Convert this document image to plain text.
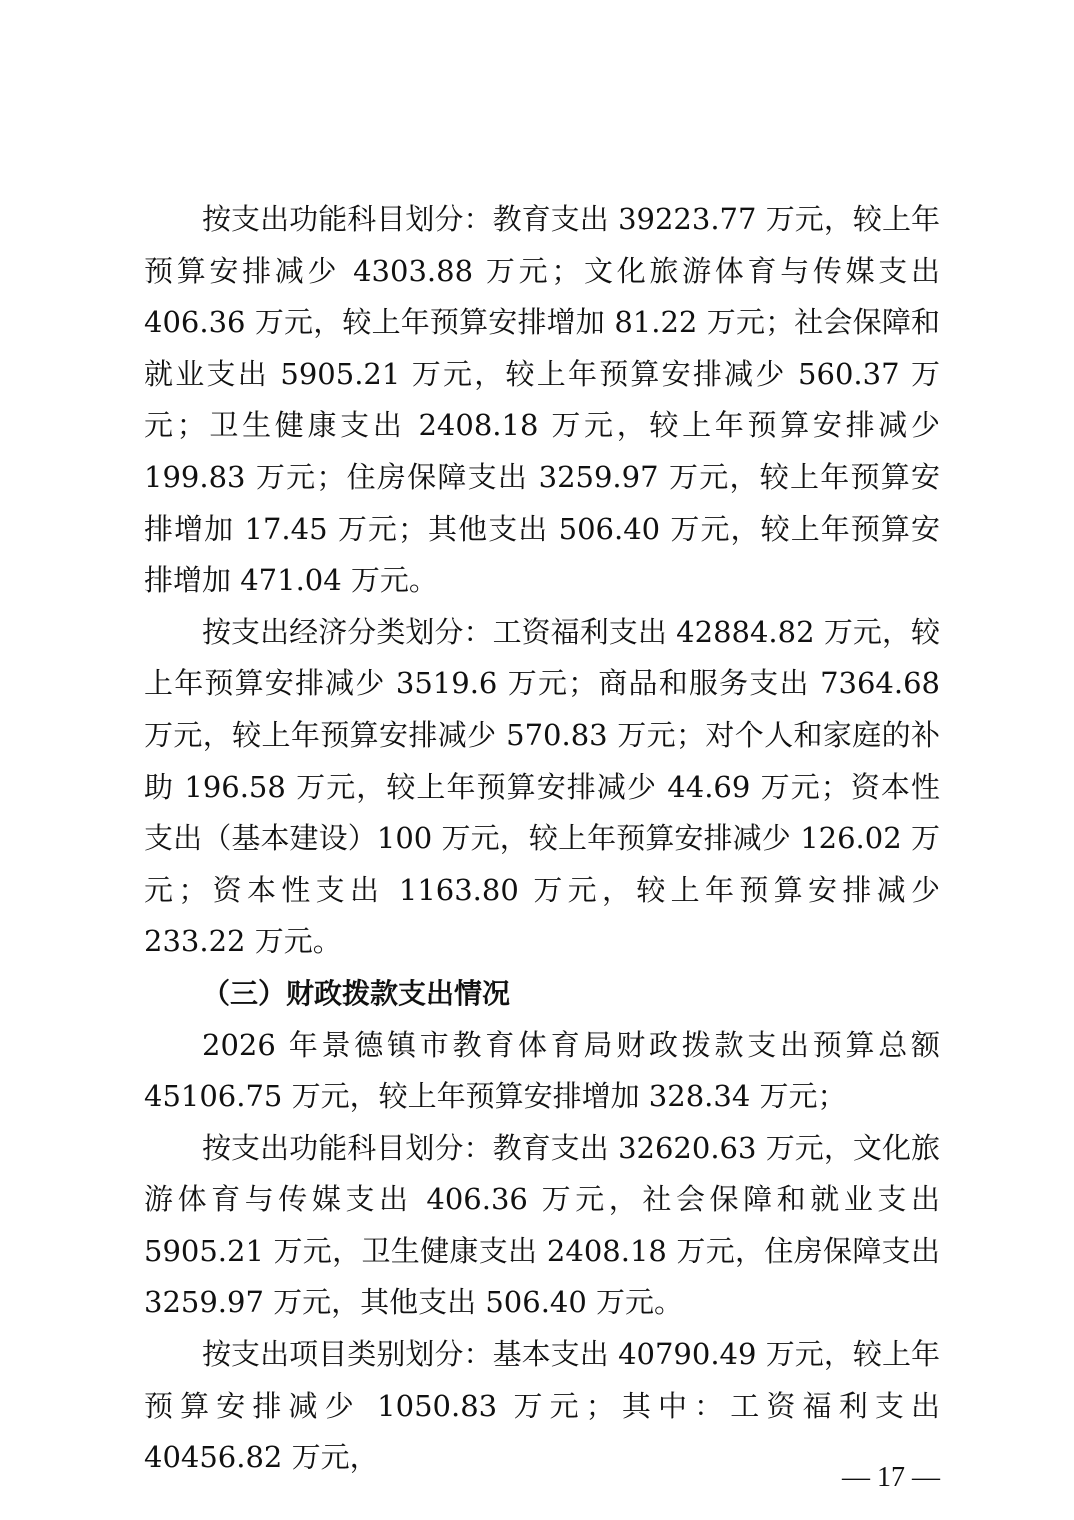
按支出功能科目划分：教育支出 39223.77 万元，较上年预算安排减少 4303.88 万元；文化旅游体育与传媒支出 406.36 万元，较上年预算安排增加 81.22 万元；社会保障和就业支出 5905.21 万元，较上年预算安排减少 560.37 万元；卫生健康支出 2408.18 万元，较上年预算安排减少 199.83 万元；住房保障支出 3259.97 万元，较上年预算安排增加 17.45 万元；其他支出 506.40 万元，较上年预算安排增加 471.04 万元。

按支出经济分类划分：工资福利支出 42884.82 万元，较上年预算安排减少 3519.6 万元；商品和服务支出 7364.68 万元，较上年预算安排减少 570.83 万元；对个人和家庭的补助 196.58 万元，较上年预算安排减少 44.69 万元；资本性支出（基本建设）100 万元，较上年预算安排减少 126.02 万元；资本性支出 1163.80 万元，较上年预算安排减少 233.22 万元。

（三）财政拨款支出情况

2026 年景德镇市教育体育局财政拨款支出预算总额 45106.75 万元，较上年预算安排增加 328.34 万元；

按支出功能科目划分：教育支出 32620.63 万元，文化旅游体育与传媒支出 406.36 万元，社会保障和就业支出 5905.21 万元，卫生健康支出 2408.18 万元，住房保障支出 3259.97 万元，其他支出 506.40 万元。

按支出项目类别划分：基本支出 40790.49 万元，较上年预算安排减少 1050.83 万元；其中：工资福利支出 40456.82 万元，

— 17 —
